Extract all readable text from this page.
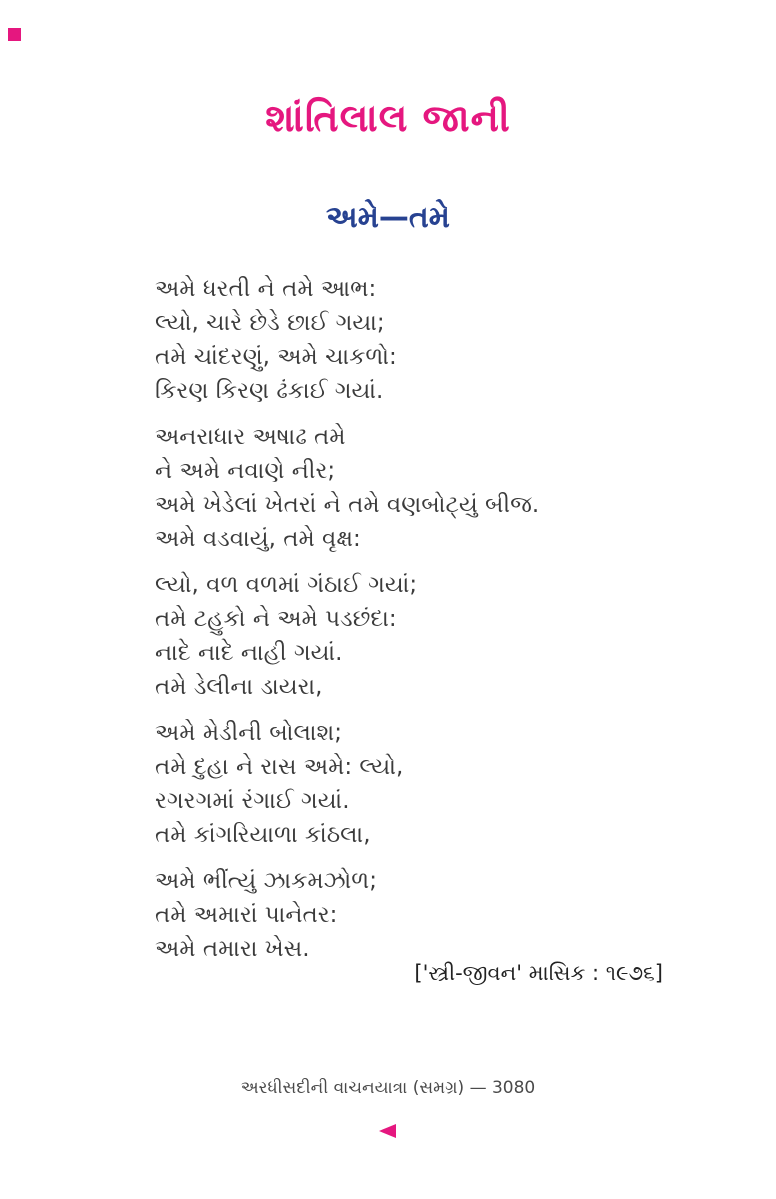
શાંતિલાલ જાની
અમે—તમે
અમે ધરતી ને તમે આભ:
લ્યો, ચારે છેડે છાઈ ગયા;
તમે ચાંદરણું, અમે ચાકળો:
કિરણ કિરણ ઢંકાઈ ગયાં.
અનરાધાર અષાઢ તમે
ને અમે નવાણે નીર;
અમે ખેડેલાં ખેતરાં ને તમે વણબોટ્યું બીજ.
અમે વડવાયું, તમે વૃક્ષ:
લ્યો, વળ વળમાં ગંઠાઈ ગયાં;
તમે ટહુકો ને અમે પડછંદા:
નાદે નાદે નાહી ગયાં.
તમે ડેલીના ડાયરા,
અમે મેડીની બોલાશ;
તમે દુહા ને રાસ અમે: લ્યો,
રગરગમાં રંગાઈ ગયાં.
તમે કાંગરિયાળા કાંઠલા,
અમે ભીંત્યું ઝાકમઝોળ;
તમે અમારાં પાનેતર:
અમે તમારા ખેસ.
['સ્ત્રી-જીવન' માસિક : ૧૯૭૬]
અરધીસદીની વાચનયાત્રા (સમગ્ર) — 3080
